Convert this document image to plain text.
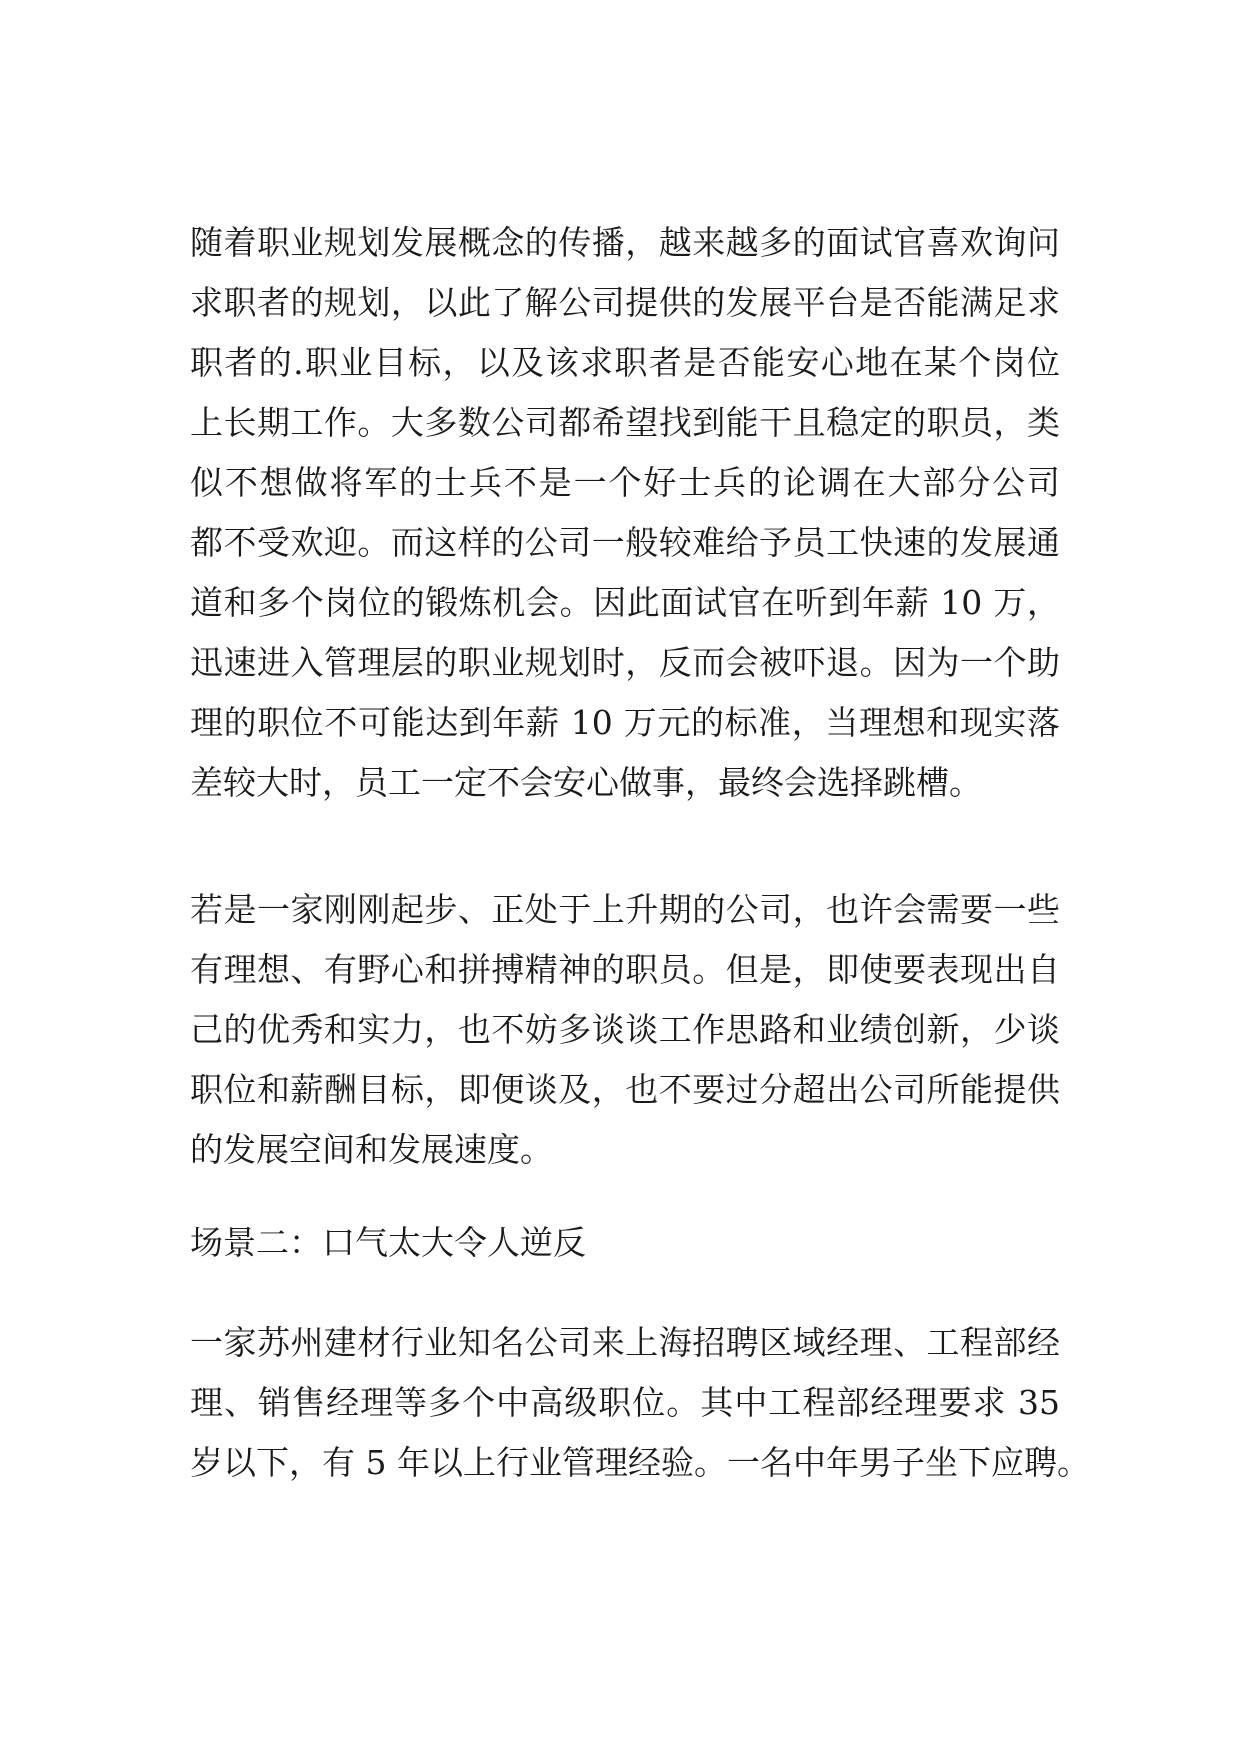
随着职业规划发展概念的传播，越来越多的面试官喜欢询问
求职者的规划，以此了解公司提供的发展平台是否能满足求
职者的.职业目标，以及该求职者是否能安心地在某个岗位
上长期工作。大多数公司都希望找到能干且稳定的职员，类
似不想做将军的士兵不是一个好士兵的论调在大部分公司
都不受欢迎。而这样的公司一般较难给予员工快速的发展通
道和多个岗位的锻炼机会。因此面试官在听到年薪 10 万，
迅速进入管理层的职业规划时，反而会被吓退。因为一个助
理的职位不可能达到年薪 10 万元的标准，当理想和现实落
差较大时，员工一定不会安心做事，最终会选择跳槽。
若是一家刚刚起步、正处于上升期的公司，也许会需要一些
有理想、有野心和拼搏精神的职员。但是，即使要表现出自
己的优秀和实力，也不妨多谈谈工作思路和业绩创新，少谈
职位和薪酬目标，即便谈及，也不要过分超出公司所能提供
的发展空间和发展速度。
场景二：口气太大令人逆反
一家苏州建材行业知名公司来上海招聘区域经理、工程部经
理、销售经理等多个中高级职位。其中工程部经理要求 35
岁以下，有 5 年以上行业管理经验。一名中年男子坐下应聘。
